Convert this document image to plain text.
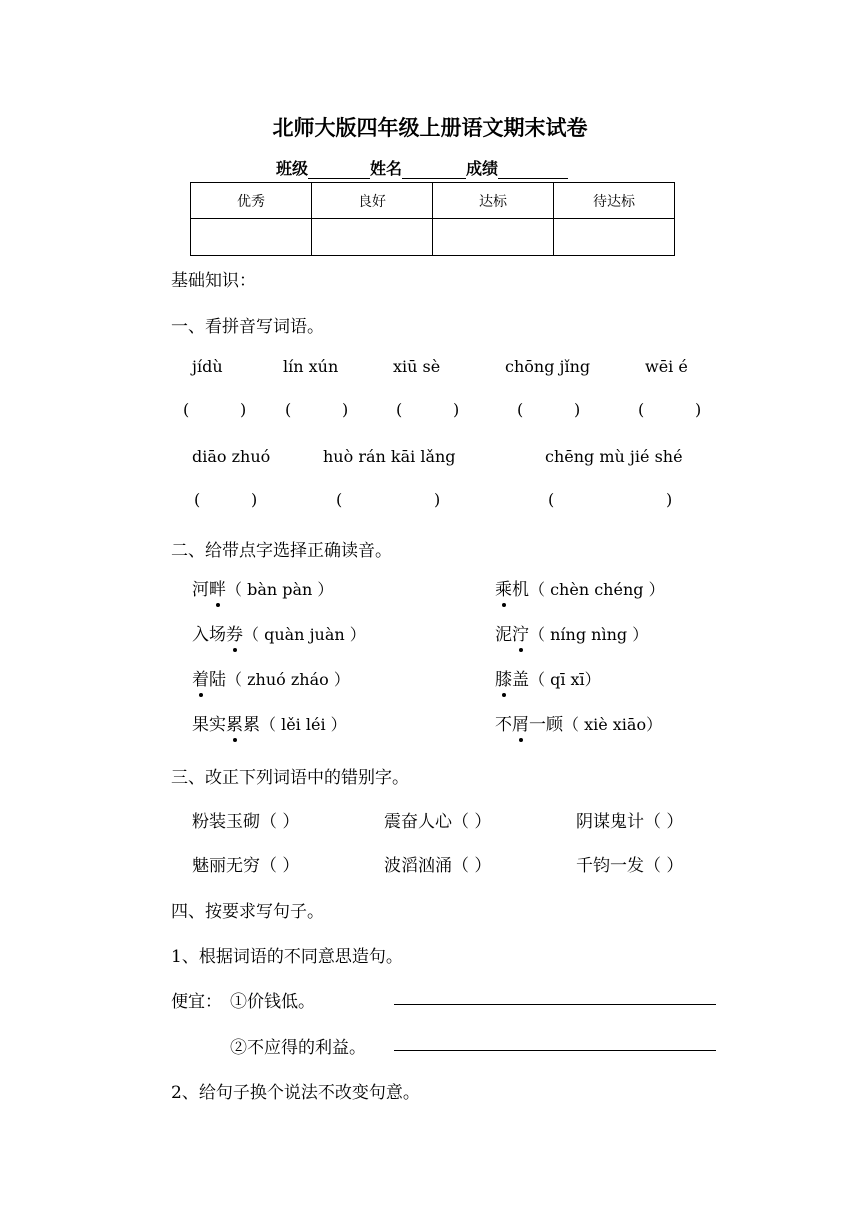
北师大版四年级上册语文期末试卷
班级	姓名	成绩
优秀	良好	达标	待达标

基础知识：
一、看拼音写词语。
jídù	lín xún	xiū sè	chōng jǐng	wēi é
(	) (	)	(	)	(	)	(	)
diāo zhuó	huò rán kāi lǎng	chēng mù jié shé
(	)	(	)	(	)
二、给带点字选择正确读音。
河畔（ bàn pàn ）	乘机（ chèn chéng ）
入场券（ quàn juàn ）	泥泞（ níng nìng ）
着陆（ zhuó zháo ）	膝盖（ qī xī）
果实累累（ lěi léi ）	不屑一顾（ xiè xiāo）
三、改正下列词语中的错别字。
粉装玉砌（ ）	震奋人心（ ）	阴谋鬼计（ ）
魅丽无穷（ ）	波滔汹涌（ ）	千钧一发（ ）
四、按要求写句子。
1、根据词语的不同意思造句。
便宜： ①价钱低。
②不应得的利益。
2、给句子换个说法不改变句意。
